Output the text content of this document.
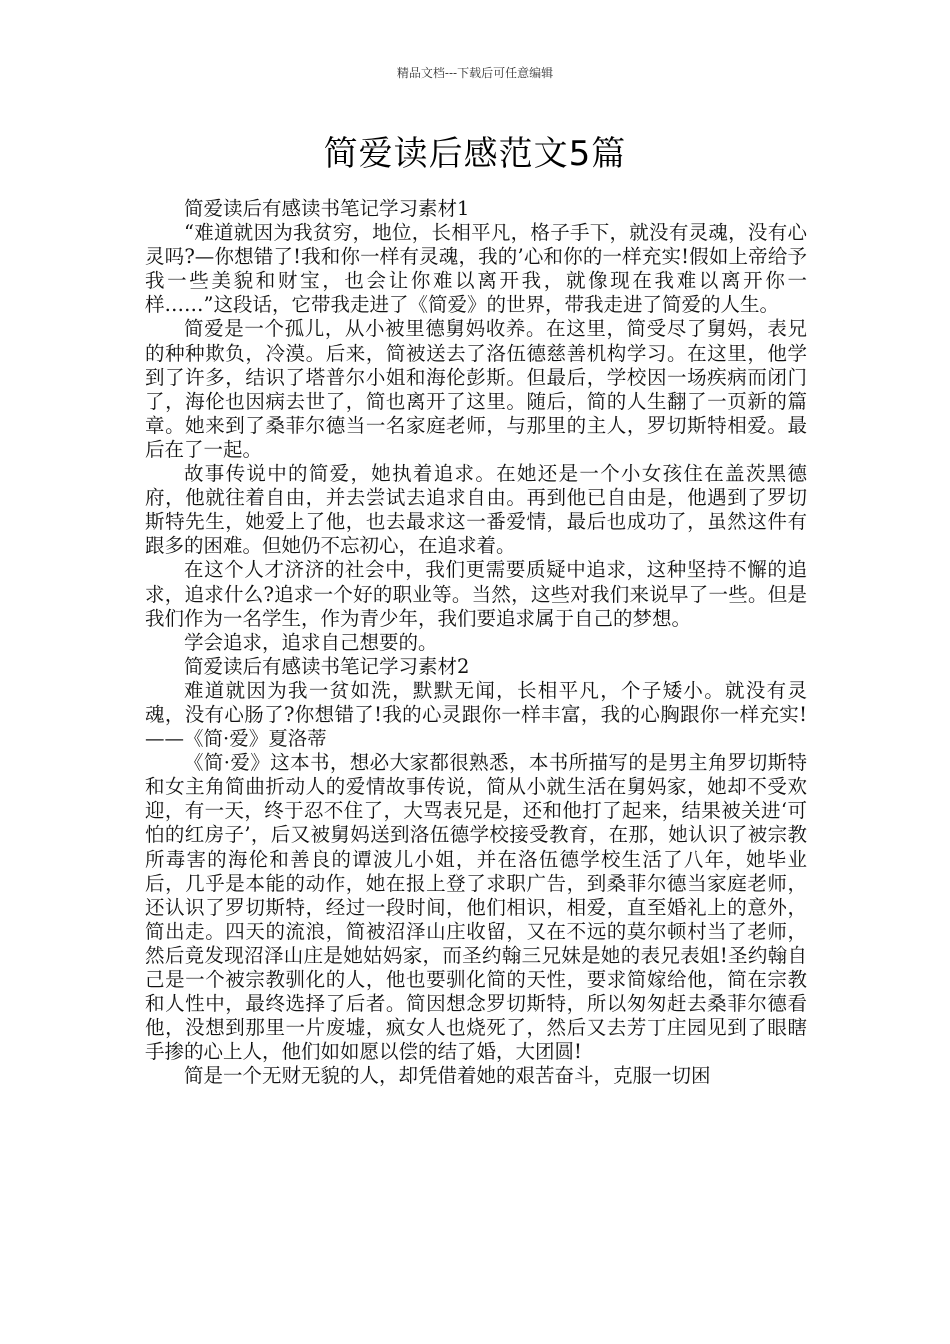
精品文档---下载后可任意编辑
简爱读后感范文5篇

简爱读后有感读书笔记学习素材1

“难道就因为我贫穷，地位，长相平凡，格子手下，就没有灵魂，没有心灵吗?—你想错了!我和你一样有灵魂，我的’心和你的一样充实!假如上帝给予我一些美貌和财宝，也会让你难以离开我，就像现在我难以离开你一样……”这段话，它带我走进了《简爱》的世界，带我走进了简爱的人生。

简爱是一个孤儿，从小被里德舅妈收养。在这里，简受尽了舅妈，表兄的种种欺负，冷漠。后来，简被送去了洛伍德慈善机构学习。在这里，他学到了许多，结识了塔普尔小姐和海伦彭斯。但最后，学校因一场疾病而闭门了，海伦也因病去世了，简也离开了这里。随后，简的人生翻了一页新的篇章。她来到了桑菲尔德当一名家庭老师，与那里的主人，罗切斯特相爱。最后在了一起。

故事传说中的简爱，她执着追求。在她还是一个小女孩住在盖茨黑德府，他就往着自由，并去尝试去追求自由。再到他已自由是，他遇到了罗切斯特先生，她爱上了他，也去最求这一番爱情，最后也成功了，虽然这件有跟多的困难。但她仍不忘初心，在追求着。

在这个人才济济的社会中，我们更需要质疑中追求，这种坚持不懈的追求，追求什么?追求一个好的职业等。当然，这些对我们来说早了一些。但是我们作为一名学生，作为青少年，我们要追求属于自己的梦想。

学会追求，追求自己想要的。

简爱读后有感读书笔记学习素材2

难道就因为我一贫如洗，默默无闻，长相平凡，个子矮小。就没有灵魂，没有心肠了?你想错了!我的心灵跟你一样丰富，我的心胸跟你一样充实!——《简·爱》夏洛蒂

《简·爱》这本书，想必大家都很熟悉，本书所描写的是男主角罗切斯特和女主角简曲折动人的爱情故事传说，简从小就生活在舅妈家，她却不受欢迎，有一天，终于忍不住了，大骂表兄是，还和他打了起来，结果被关进‘可怕的红房子’，后又被舅妈送到洛伍德学校接受教育，在那，她认识了被宗教所毒害的海伦和善良的谭波儿小姐，并在洛伍德学校生活了八年，她毕业后，几乎是本能的动作，她在报上登了求职广告，到桑菲尔德当家庭老师，还认识了罗切斯特，经过一段时间，他们相识，相爱，直至婚礼上的意外，简出走。四天的流浪，简被沼泽山庄收留，又在不远的莫尔顿村当了老师，然后竟发现沼泽山庄是她姑妈家，而圣约翰三兄妹是她的表兄表姐!圣约翰自己是一个被宗教驯化的人，他也要驯化简的天性，要求简嫁给他，简在宗教和人性中，最终选择了后者。简因想念罗切斯特，所以匆匆赶去桑菲尔德看他，没想到那里一片废墟，疯女人也烧死了，然后又去芳丁庄园见到了眼瞎手掺的心上人，他们如如愿以偿的结了婚，大团圆!

简是一个无财无貌的人，却凭借着她的艰苦奋斗，克服一切困
